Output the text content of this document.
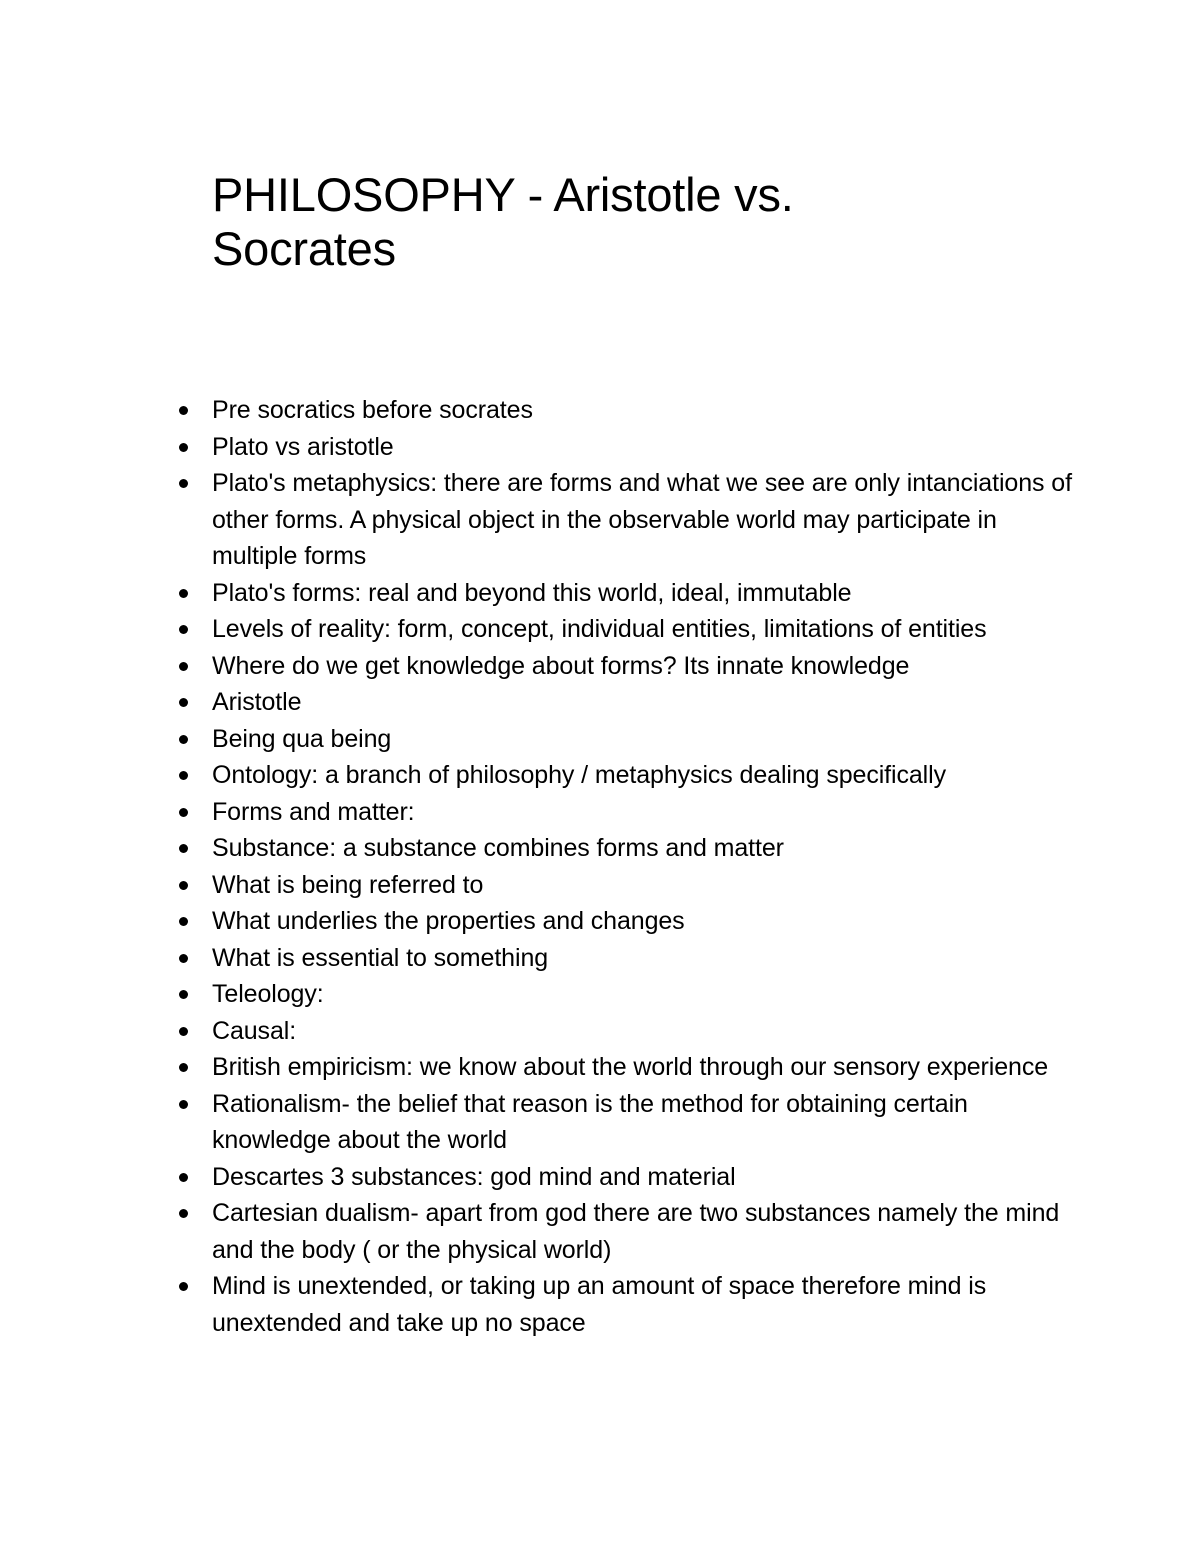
PHILOSOPHY - Aristotle vs. Socrates
Pre socratics before socrates
Plato vs aristotle
Plato's metaphysics: there are forms and what we see are only intanciations of other forms. A physical object in the observable world may participate in multiple forms
Plato's forms: real and beyond this world, ideal, immutable
Levels of reality: form, concept, individual entities, limitations of entities
Where do we get knowledge about forms? Its innate knowledge
Aristotle
Being qua being
Ontology: a branch of philosophy / metaphysics dealing specifically
Forms and matter:
Substance: a substance combines forms and matter
What is being referred to
What underlies the properties and changes
What is essential to something
Teleology:
Causal:
British empiricism: we know about the world through our sensory experience
Rationalism- the belief that reason is the method for obtaining certain knowledge about the world
Descartes 3 substances: god mind and material
Cartesian dualism- apart from god there are two substances namely the mind and the body ( or the physical world)
Mind is unextended, or taking up an amount of space therefore mind is unextended and take up no space
